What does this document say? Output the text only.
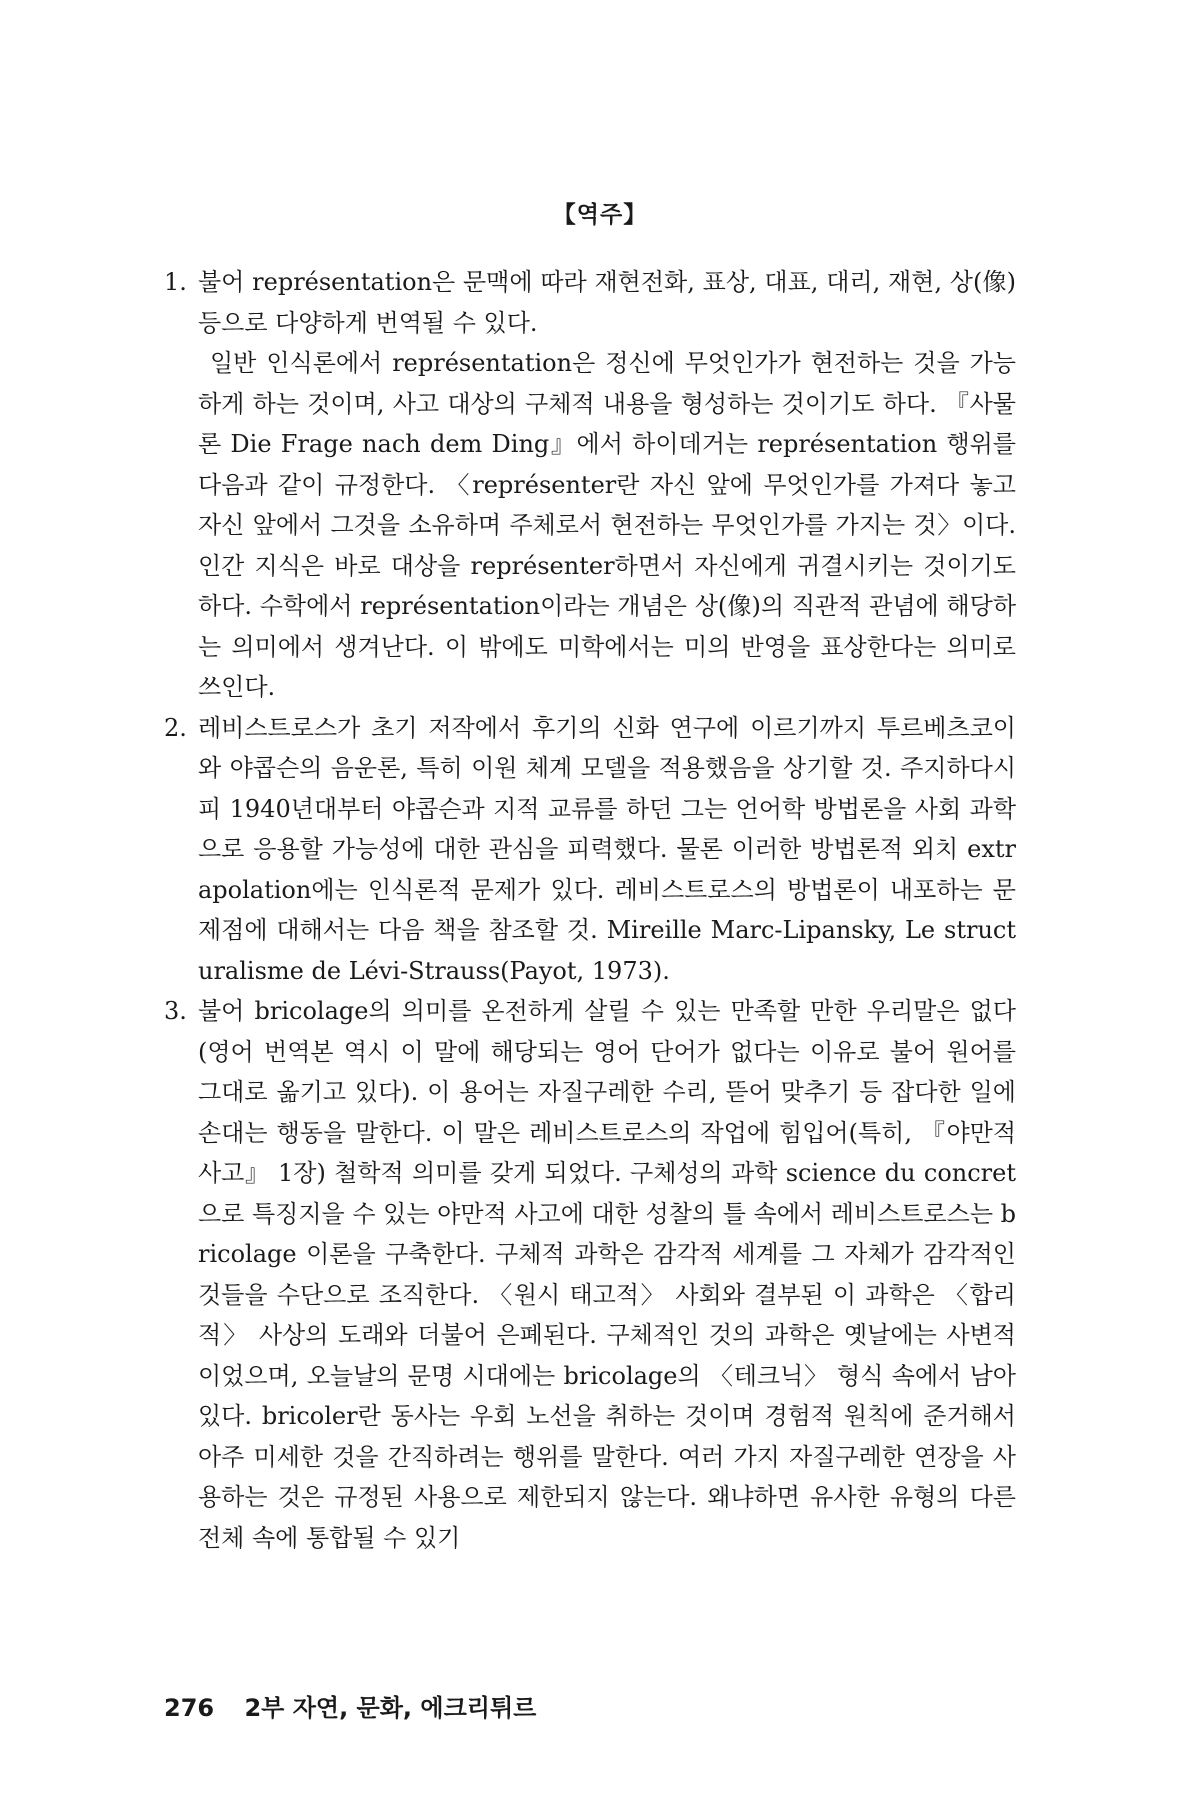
【역주】
1. 불어 représentation은 문맥에 따라 재현전화, 표상, 대표, 대리, 재현, 상(像) 등으로 다양하게 번역될 수 있다.

일반 인식론에서 représentation은 정신에 무엇인가가 현전하는 것을 가능하게 하는 것이며, 사고 대상의 구체적 내용을 형성하는 것이기도 하다. 『사물론 Die Frage nach dem Ding』에서 하이데거는 représentation 행위를 다음과 같이 규정한다. 〈représenter란 자신 앞에 무엇인가를 가져다 놓고 자신 앞에서 그것을 소유하며 주체로서 현전하는 무엇인가를 가지는 것〉이다. 인간 지식은 바로 대상을 représenter하면서 자신에게 귀결시키는 것이기도 하다. 수학에서 représentation이라는 개념은 상(像)의 직관적 관념에 해당하는 의미에서 생겨난다. 이 밖에도 미학에서는 미의 반영을 표상한다는 의미로 쓰인다.

2. 레비스트로스가 초기 저작에서 후기의 신화 연구에 이르기까지 투르베츠코이와 야콥슨의 음운론, 특히 이원 체계 모델을 적용했음을 상기할 것. 주지하다시피 1940년대부터 야콥슨과 지적 교류를 하던 그는 언어학 방법론을 사회 과학으로 응용할 가능성에 대한 관심을 피력했다. 물론 이러한 방법론적 외치 extrapolation에는 인식론적 문제가 있다. 레비스트로스의 방법론이 내포하는 문제점에 대해서는 다음 책을 참조할 것. Mireille Marc-Lipansky, Le structuralisme de Lévi-Strauss(Payot, 1973).

3. 불어 bricolage의 의미를 온전하게 살릴 수 있는 만족할 만한 우리말은 없다(영어 번역본 역시 이 말에 해당되는 영어 단어가 없다는 이유로 불어 원어를 그대로 옮기고 있다). 이 용어는 자질구레한 수리, 뜯어 맞추기 등 잡다한 일에 손대는 행동을 말한다. 이 말은 레비스트로스의 작업에 힘입어(특히, 『야만적 사고』 1장) 철학적 의미를 갖게 되었다. 구체성의 과학 science du concret으로 특징지을 수 있는 야만적 사고에 대한 성찰의 틀 속에서 레비스트로스는 bricolage 이론을 구축한다. 구체적 과학은 감각적 세계를 그 자체가 감각적인 것들을 수단으로 조직한다. 〈원시 태고적〉 사회와 결부된 이 과학은 〈합리적〉 사상의 도래와 더불어 은폐된다. 구체적인 것의 과학은 옛날에는 사변적이었으며, 오늘날의 문명 시대에는 bricolage의 〈테크닉〉 형식 속에서 남아 있다. bricoler란 동사는 우회 노선을 취하는 것이며 경험적 원칙에 준거해서 아주 미세한 것을 간직하려는 행위를 말한다. 여러 가지 자질구레한 연장을 사용하는 것은 규정된 사용으로 제한되지 않는다. 왜냐하면 유사한 유형의 다른 전체 속에 통합될 수 있기

276 2부 자연, 문화, 에크리튀르
